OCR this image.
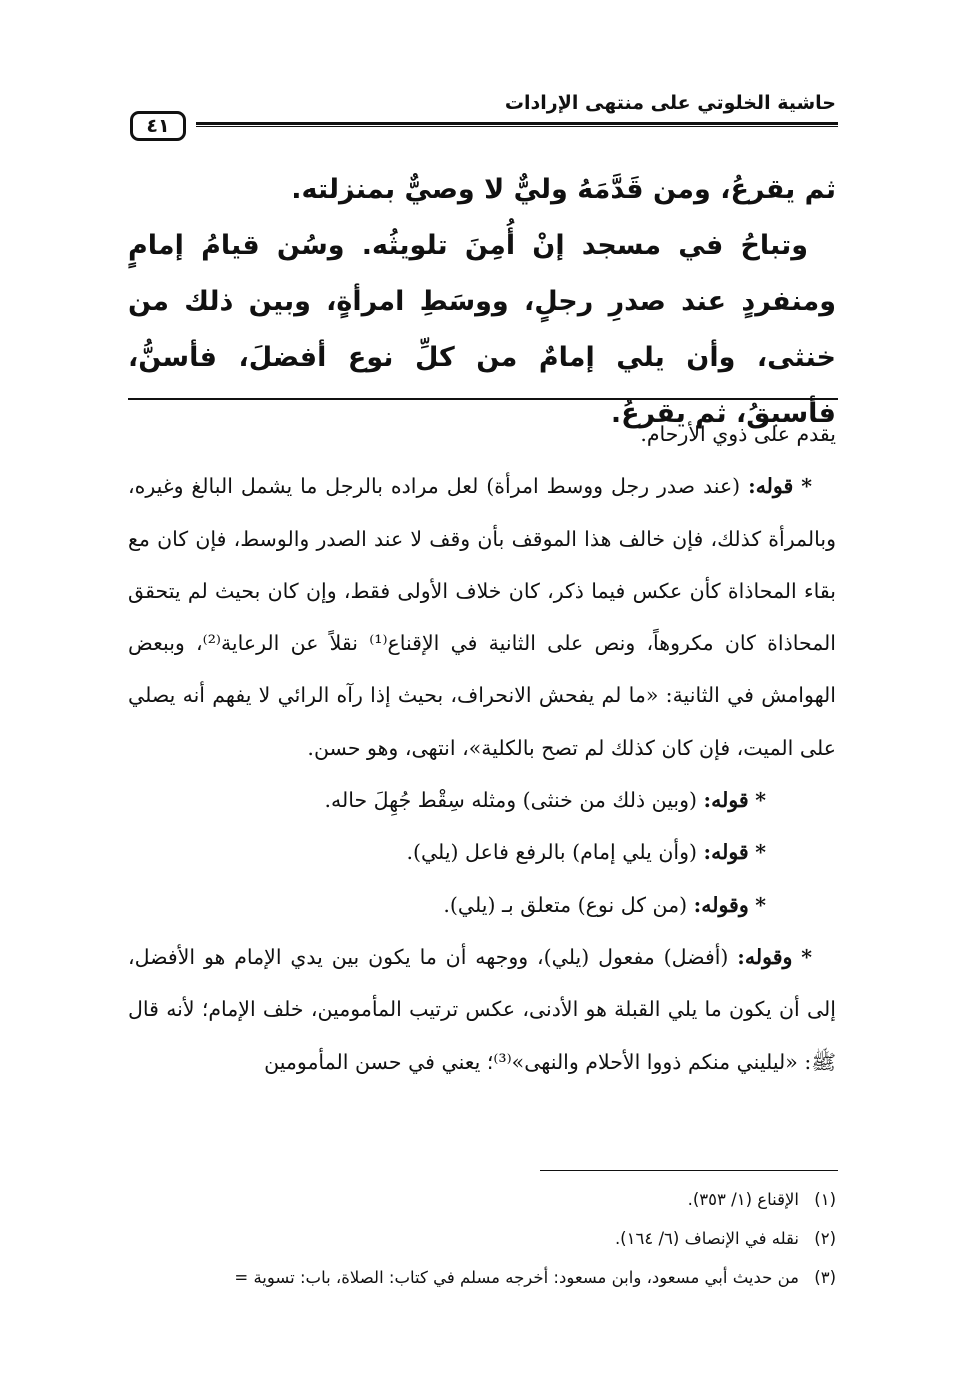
حاشية الخلوتي على منتهى الإرادات
٤١

ثم يقرعُ، ومن قَدَّمَهُ وليٌّ لا وصيٌّ بمنزلته.

وتباحُ في مسجد إنْ أُمِنَ تلويثُه. وسُن قيامُ إمامٍ ومنفردٍ عند صدرِ رجلٍ، ووسَطِ امرأةٍ، وبين ذلك من خنثى، وأن يلي إمامٌ من كلِّ نوع أفضلَ، فأسنُّ، فأسبقُ، ثم يقرعُ.

يقدم على ذوي الأرحام.

* قوله: (عند صدر رجل ووسط امرأة) لعل مراده بالرجل ما يشمل البالغ وغيره، وبالمرأة كذلك، فإن خالف هذا الموقف بأن وقف لا عند الصدر والوسط، فإن كان مع بقاء المحاذاة كأن عكس فيما ذكر، كان خلاف الأولى فقط، وإن كان بحيث لم يتحقق المحاذاة كان مكروهاً، ونص على الثانية في الإقناع⁽¹⁾ نقلاً عن الرعاية⁽²⁾، وببعض الهوامش في الثانية: «ما لم يفحش الانحراف، بحيث إذا رآه الرائي لا يفهم أنه يصلي على الميت، فإن كان كذلك لم تصح بالكلية»، انتهى، وهو حسن.

* قوله: (وبين ذلك من خنثى) ومثله سِقْط جُهِلَ حاله.

* قوله: (وأن يلي إمام) بالرفع فاعل (يلي).

* وقوله: (من كل نوع) متعلق بـ (يلي).

* وقوله: (أفضل) مفعول (يلي)، ووجهه أن ما يكون بين يدي الإمام هو الأفضل، إلى أن يكون ما يلي القبلة هو الأدنى، عكس ترتيب المأمومين، خلف الإمام؛ لأنه قال ﷺ: «ليليني منكم ذووا الأحلام والنهى»⁽³⁾؛ يعني في حسن المأمومين

(١) الإقناع (١/ ٣٥٣).
(٢) نقله في الإنصاف (٦/ ١٦٤).
(٣) من حديث أبي مسعود، وابن مسعود: أخرجه مسلم في كتاب: الصلاة، باب: تسوية =
